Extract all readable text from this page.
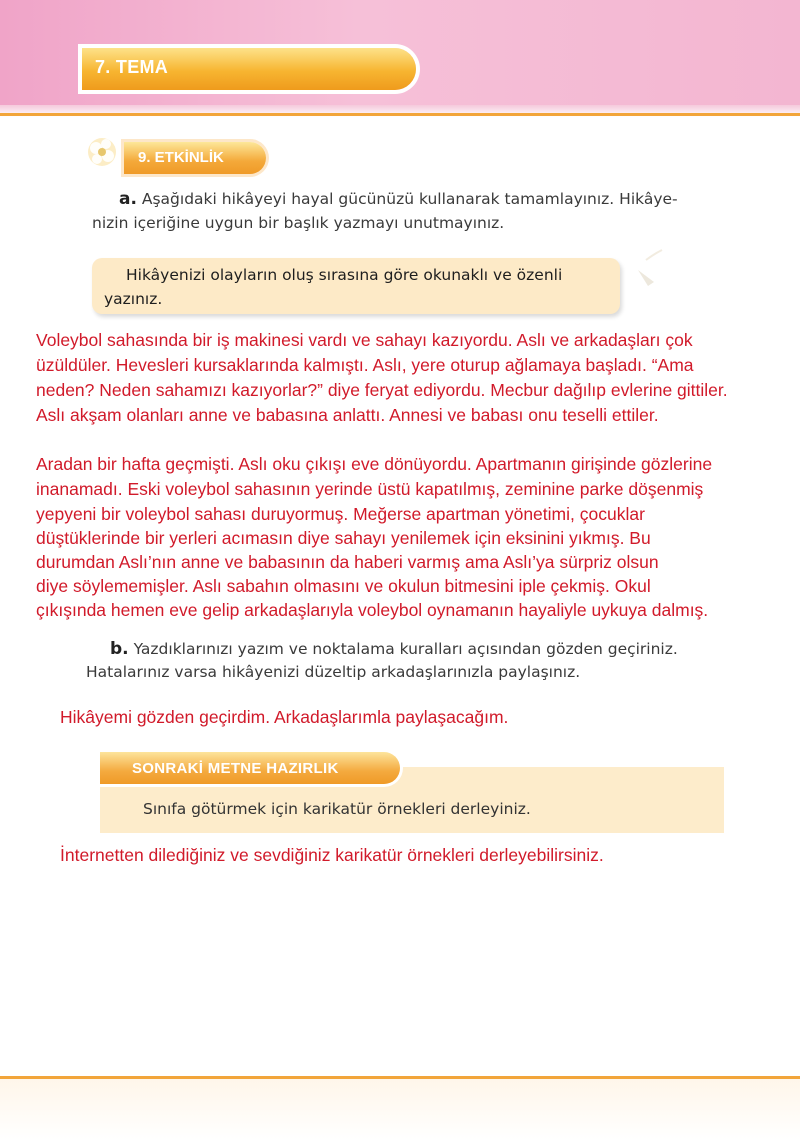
7. TEMA
9. ETKİNLİK
a. Aşağıdaki hikâyeyi hayal gücünüzü kullanarak tamamlayınız. Hikâye-
nizin içeriğine uygun bir başlık yazmayı unutmayınız.
Hikâyenizi olayların oluş sırasına göre okunaklı ve özenli yazınız.
Voleybol sahasında bir iş makinesi vardı ve sahayı kazıyordu. Aslı ve arkadaşları çok
üzüldüler. Hevesleri kursaklarında kalmıştı. Aslı, yere oturup ağlamaya başladı. “Ama
neden? Neden sahamızı kazıyorlar?” diye feryat ediyordu. Mecbur dağılıp evlerine gittiler.
Aslı akşam olanları anne ve babasına anlattı. Annesi ve babası onu teselli ettiler.
Aradan bir hafta geçmişti. Aslı oku çıkışı eve dönüyordu. Apartmanın girişinde gözlerine
inanamadı. Eski voleybol sahasının yerinde üstü kapatılmış, zeminine parke döşenmiş
yepyeni bir voleybol sahası duruyormuş. Meğerse apartman yönetimi, çocuklar
düştüklerinde bir yerleri acımasın diye sahayı yenilemek için eksinini yıkmış. Bu
durumdan Aslı’nın anne ve babasının da haberi varmış ama Aslı’ya sürpriz olsun
diye söylememişler. Aslı sabahın olmasını ve okulun bitmesini iple çekmiş. Okul
çıkışında hemen eve gelip arkadaşlarıyla voleybol oynamanın hayaliyle uykuya dalmış.
b. Yazdıklarınızı yazım ve noktalama kuralları açısından gözden geçiriniz.
Hatalarınız varsa hikâyenizi düzeltip arkadaşlarınızla paylaşınız.
Hikâyemi gözden geçirdim. Arkadaşlarımla paylaşacağım.
SONRAKİ METNE HAZIRLIK
Sınıfa götürmek için karikatür örnekleri derleyiniz.
İnternetten dilediğiniz ve sevdiğiniz karikatür örnekleri derleyebilirsiniz.
